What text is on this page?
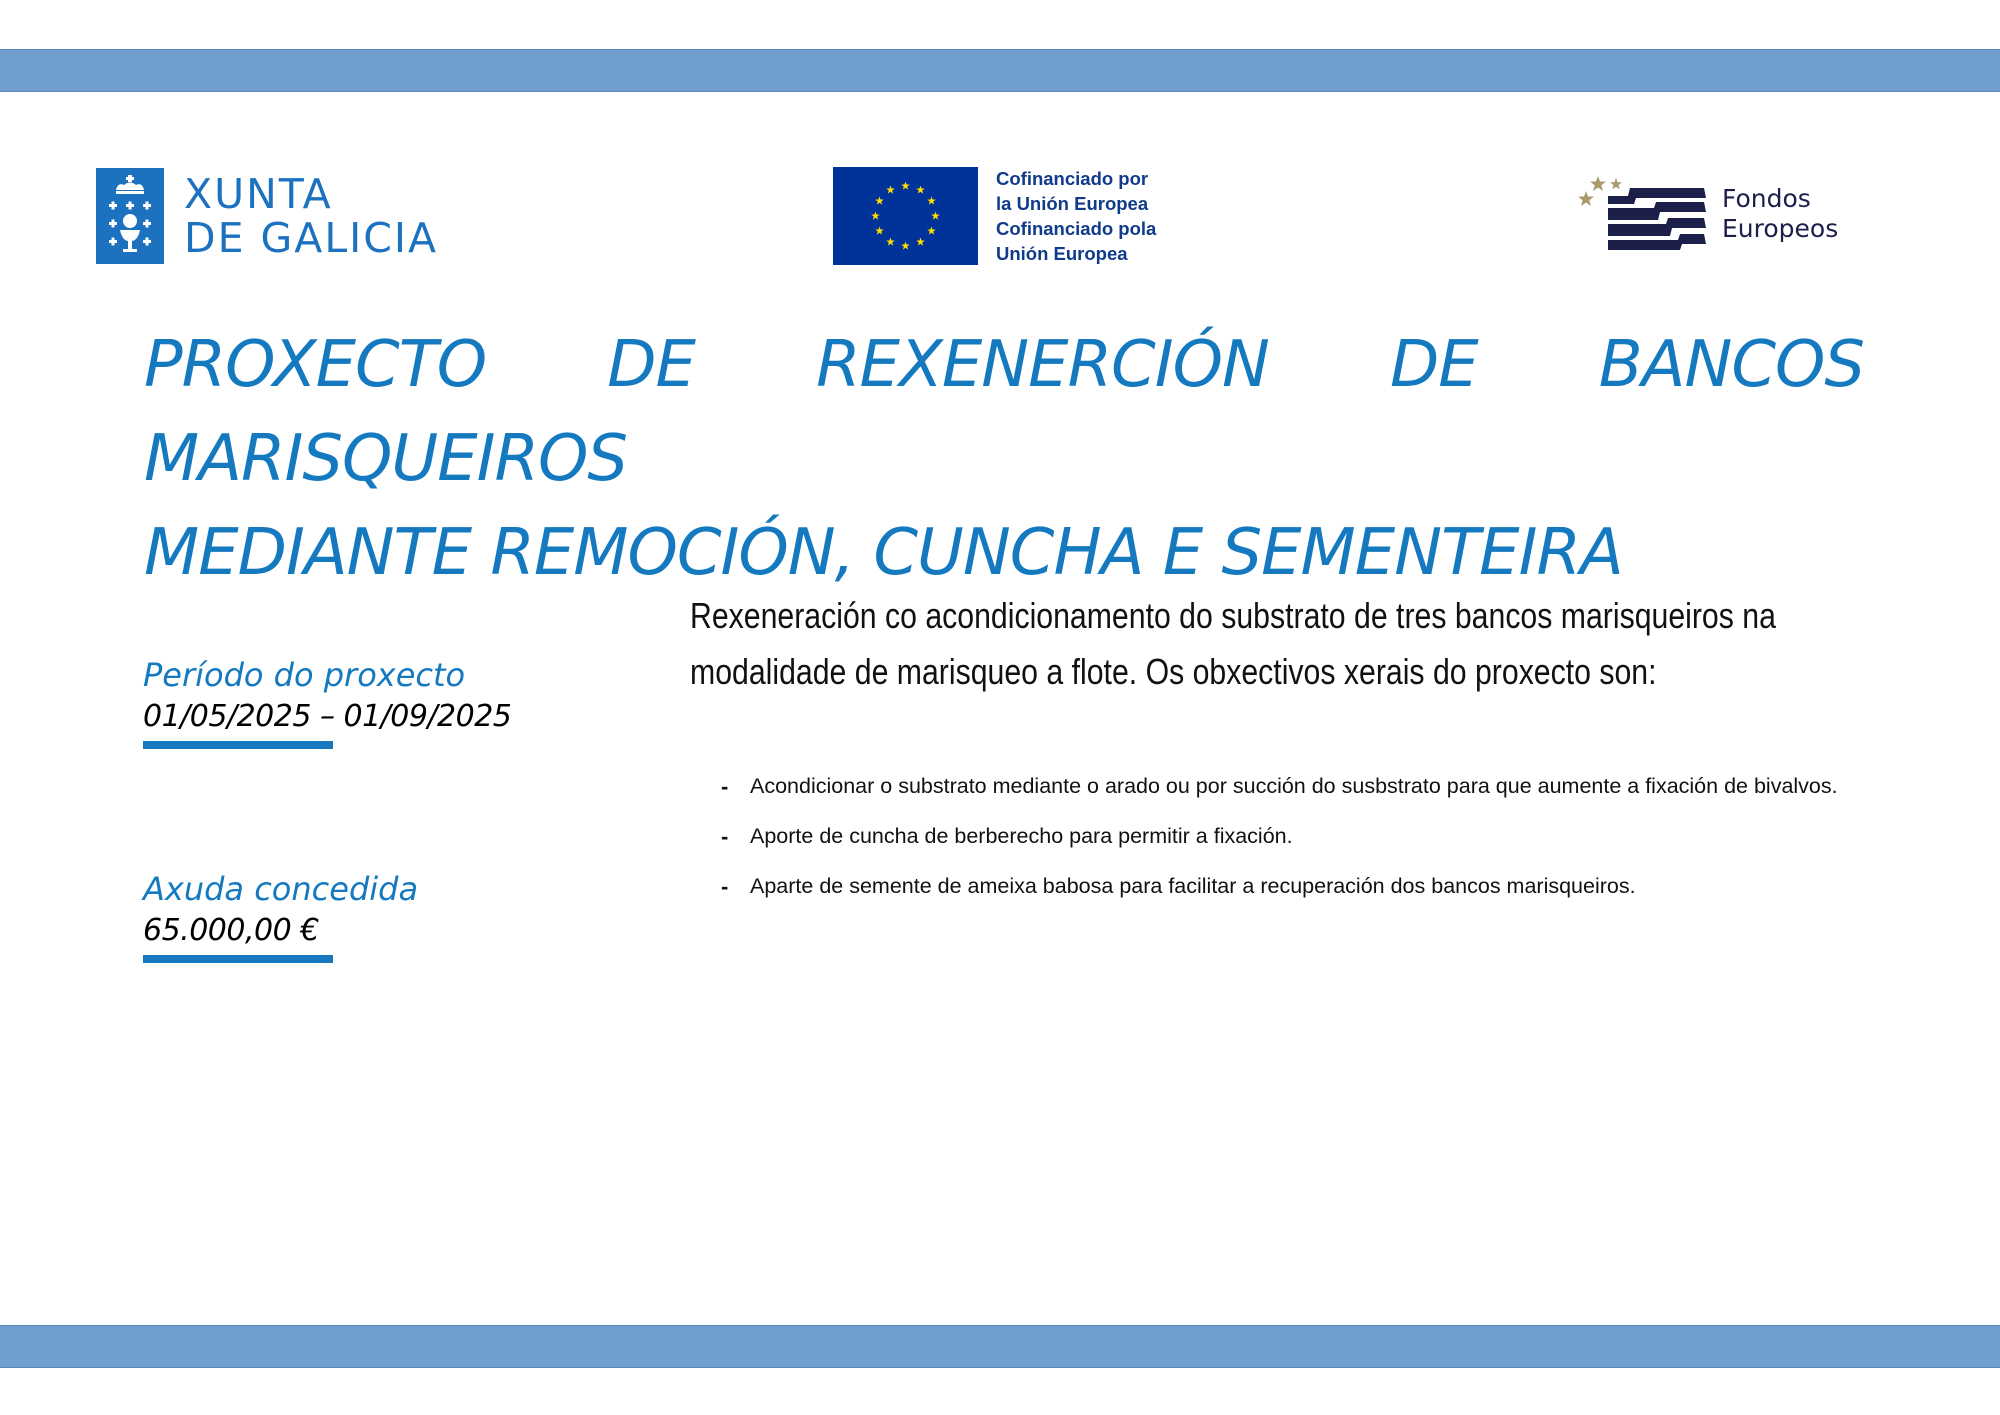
XUNTA
DE GALICIA
Cofinanciado por
la Unión Europea
Cofinanciado pola
Unión Europea
Fondos
Europeos
PROXECTO DE REXENERCIÓN DE BANCOS MARISQUEIROS
MEDIANTE REMOCIÓN, CUNCHA E SEMENTEIRA
Período do proxecto
01/05/2025 – 01/09/2025
Axuda concedida
65.000,00 €

Rexeneración co acondicionamento do substrato de tres bancos marisqueiros na modalidade de marisqueo a flote. Os obxectivos xerais do proxecto son:

- Acondicionar o substrato mediante o arado ou por succión do susbstrato para que aumente a fixación de bivalvos.
- Aporte de cuncha de berberecho para permitir a fixación.
- Aparte de semente de ameixa babosa para facilitar a recuperación dos bancos marisqueiros.
